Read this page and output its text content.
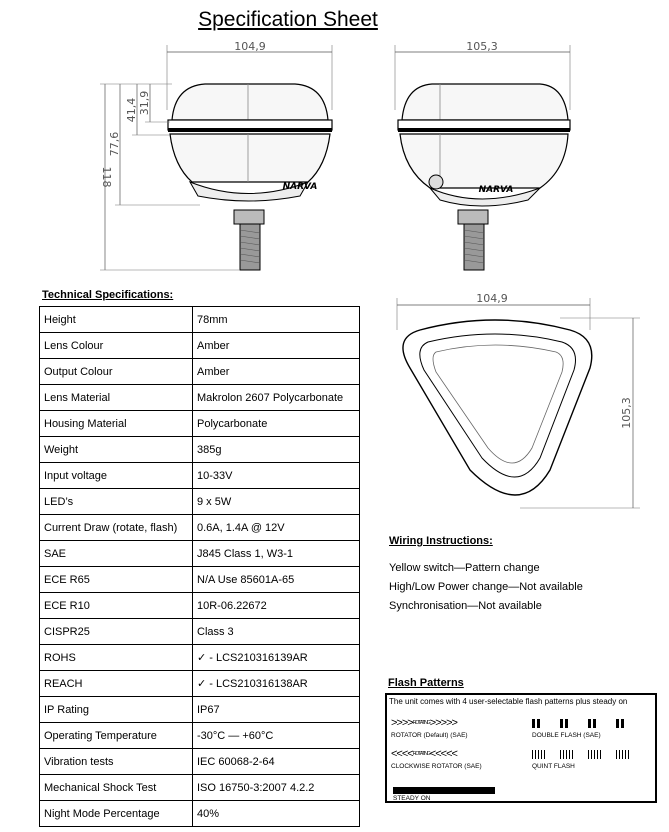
Specification Sheet
104,9
118
77,6
41,4 31,9
NARVA
105,3
NARVA
104,9
105,3
Technical Specifications:
Height	78mm
Lens Colour	Amber
Output Colour	Amber
Lens Material	Makrolon 2607 Polycarbonate
Housing Material	Polycarbonate
Weight	385g
Input voltage	10-33V
LED’s	9 x 5W
Current Draw (rotate, flash)	0.6A, 1.4A @ 12V
SAE	J845 Class 1, W3-1
ECE R65	N/A Use 85601A-65
ECE R10	10R-06.22672
CISPR25	Class 3
ROHS	✓ - LCS210316139AR
REACH	✓ - LCS210316138AR
IP Rating	IP67
Operating Temperature	-30°C — +60°C
Vibration tests	IEC 60068-2-64
Mechanical Shock Test	ISO 16750-3:2007 4.2.2
Night Mode Percentage	40%
Wiring Instructions:
Yellow switch—Pattern change
High/Low Power change—Not available
Synchronisation—Not available
Flash Patterns
The unit comes with 4 user-selectable flash patterns plus steady on
>>>>ROTATING>>>>>
ROTATOR (Default) (SAE)	DOUBLE FLASH (SAE)
<<<<ROTATING<<<<<
CLOCKWISE ROTATOR (SAE)	QUINT FLASH
STEADY ON
